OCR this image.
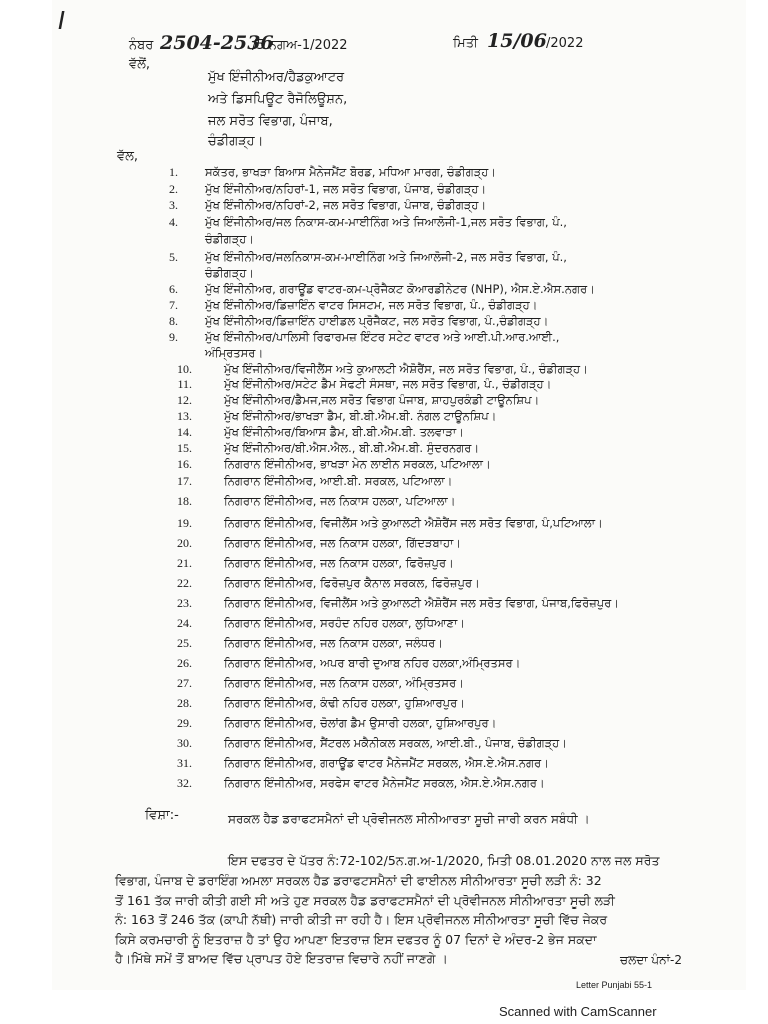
ǀ
ਨੰਬਰ 2504-2536
/5 ਨਗਅ-1/2022	ਮਿਤੀ 15/06 /2022
ਵੱਲੋਂ,
ਮੁੱਖ ਇੰਜੀਨੀਅਰ/ਹੈਡਕੁਆਟਰ
ਅਤੇ ਡਿਸਪਿਊਟ ਰੈਜੋਲਿਊਸ਼ਨ,
ਜਲ ਸਰੋਤ ਵਿਭਾਗ, ਪੰਜਾਬ,
ਚੰਡੀਗੜ੍ਹ।
ਵੱਲ,
1. ਸਕੱਤਰ, ਭਾਖੜਾ ਬਿਆਸ ਮੈਨੇਜਮੈਂਟ ਬੋਰਡ, ਮਧਿਆ ਮਾਰਗ, ਚੰਡੀਗੜ੍ਹ।
2. ਮੁੱਖ ਇੰਜੀਨੀਅਰ/ਨਹਿਰਾਂ-1, ਜਲ ਸਰੋਤ ਵਿਭਾਗ, ਪੰਜਾਬ, ਚੰਡੀਗੜ੍ਹ।
3. ਮੁੱਖ ਇੰਜੀਨੀਅਰ/ਨਹਿਰਾਂ-2, ਜਲ ਸਰੋਤ ਵਿਭਾਗ, ਪੰਜਾਬ, ਚੰਡੀਗੜ੍ਹ।
4. ਮੁੱਖ ਇੰਜੀਨੀਅਰ/ਜਲ ਨਿਕਾਸ-ਕਮ-ਮਾਈਨਿੰਗ ਅਤੇ ਜਿਆਲੋਜੀ-1,ਜਲ ਸਰੋਤ ਵਿਭਾਗ, ਪੰ.,
ਚੰਡੀਗੜ੍ਹ।
5. ਮੁੱਖ ਇੰਜੀਨੀਅਰ/ਜਲਨਿਕਾਸ-ਕਮ-ਮਾਈਨਿੰਗ ਅਤੇ ਜਿਆਲੋਜੀ-2, ਜਲ ਸਰੋਤ ਵਿਭਾਗ, ਪੰ.,
ਚੰਡੀਗੜ੍ਹ।
6. ਮੁੱਖ ਇੰਜੀਨੀਅਰ, ਗਰਾਊਂਡ ਵਾਟਰ-ਕਮ-ਪ੍ਰੋਜੈਕਟ ਕੋਆਰਡੀਨੇਟਰ (NHP), ਐਸ.ਏ.ਐਸ.ਨਗਰ।
7. ਮੁੱਖ ਇੰਜੀਨੀਅਰ/ਡਿਜ਼ਾਇੰਨ ਵਾਟਰ ਸਿਸਟਮ, ਜਲ ਸਰੋਤ ਵਿਭਾਗ, ਪੰ., ਚੰਡੀਗੜ੍ਹ।
8. ਮੁੱਖ ਇੰਜੀਨੀਅਰ/ਡਿਜ਼ਾਇੰਨ ਹਾਈਡਲ ਪ੍ਰੋਜੈਕਟ, ਜਲ ਸਰੋਤ ਵਿਭਾਗ, ਪੰ.,ਚੰਡੀਗੜ੍ਹ।
9. ਮੁੱਖ ਇੰਜੀਨੀਅਰ/ਪਾਲਿਸੀ ਰਿਫਾਰਮਜ਼ ਇੰਟਰ ਸਟੇਟ ਵਾਟਰ ਅਤੇ ਆਈ.ਪੀ.ਆਰ.ਆਈ.,
ਅੰਮ੍ਰਿਤਸਰ।
10.	ਮੁੱਖ ਇੰਜੀਨੀਅਰ/ਵਿਜੀਲੈਂਸ ਅਤੇ ਕੁਆਲਟੀ ਐਸ਼ੋਰੈਂਸ, ਜਲ ਸਰੋਤ ਵਿਭਾਗ, ਪੰ., ਚੰਡੀਗੜ੍ਹ।
11.	ਮੁੱਖ ਇੰਜੀਨੀਅਰ/ਸਟੇਟ ਡੈਮ ਸੇਫਟੀ ਸੰਸਥਾ, ਜਲ ਸਰੋਤ ਵਿਭਾਗ, ਪੰ., ਚੰਡੀਗੜ੍ਹ।
12.	ਮੁੱਖ ਇੰਜੀਨੀਅਰ/ਡੈਮਜ,ਜਲ ਸਰੋਤ ਵਿਭਾਗ ਪੰਜਾਬ, ਸ਼ਾਹਪੁਰਕੰਡੀ ਟਾਊਨਸ਼ਿਪ।
13.	ਮੁੱਖ ਇੰਜੀਨੀਅਰ/ਭਾਖੜਾ ਡੈਮ, ਬੀ.ਬੀ.ਐਮ.ਬੀ. ਨੰਗਲ ਟਾਊਨਸ਼ਿਪ।
14.	ਮੁੱਖ ਇੰਜੀਨੀਅਰ/ਬਿਆਸ ਡੈਮ, ਬੀ.ਬੀ.ਐਮ.ਬੀ. ਤਲਵਾੜਾ।
15.	ਮੁੱਖ ਇੰਜੀਨੀਅਰ/ਬੀ.ਐਸ.ਐਲ., ਬੀ.ਬੀ.ਐਮ.ਬੀ. ਸੁੰਦਰਨਗਰ।
16.	ਨਿਗਰਾਨ ਇੰਜੀਨੀਅਰ, ਭਾਖੜਾ ਮੇਨ ਲਾਈਨ ਸਰਕਲ, ਪਟਿਆਲਾ।
17.	ਨਿਗਰਾਨ ਇੰਜੀਨੀਅਰ, ਆਈ.ਬੀ. ਸਰਕਲ, ਪਟਿਆਲਾ।
18.	ਨਿਗਰਾਨ ਇੰਜੀਨੀਅਰ, ਜਲ ਨਿਕਾਸ ਹਲਕਾ, ਪਟਿਆਲਾ।
19.	ਨਿਗਰਾਨ ਇੰਜੀਨੀਅਰ, ਵਿਜੀਲੈਂਸ ਅਤੇ ਕੁਆਲਟੀ ਐਸ਼ੋਰੈਂਸ ਜਲ ਸਰੋਤ ਵਿਭਾਗ, ਪੰ,ਪਟਿਆਲਾ।
20.	ਨਿਗਰਾਨ ਇੰਜੀਨੀਅਰ, ਜਲ ਨਿਕਾਸ ਹਲਕਾ, ਗਿੱਦੜਬਾਹਾ।
21.	ਨਿਗਰਾਨ ਇੰਜੀਨੀਅਰ, ਜਲ ਨਿਕਾਸ ਹਲਕਾ, ਫਿਰੋਜ਼ਪੁਰ।
22.	ਨਿਗਰਾਨ ਇੰਜੀਨੀਅਰ, ਫਿਰੋਜ਼ਪੁਰ ਕੈਨਾਲ ਸਰਕਲ, ਫਿਰੋਜ਼ਪੁਰ।
23.	ਨਿਗਰਾਨ ਇੰਜੀਨੀਅਰ, ਵਿਜੀਲੈਂਸ ਅਤੇ ਕੁਆਲਟੀ ਐਸ਼ੋਰੈਂਸ ਜਲ ਸਰੋਤ ਵਿਭਾਗ, ਪੰਜਾਬ,ਫਿਰੋਜ਼ਪੁਰ।
24.	ਨਿਗਰਾਨ ਇੰਜੀਨੀਅਰ, ਸਰਹੰਦ ਨਹਿਰ ਹਲਕਾ, ਲੁਧਿਆਣਾ।
25.	ਨਿਗਰਾਨ ਇੰਜੀਨੀਅਰ, ਜਲ ਨਿਕਾਸ ਹਲਕਾ, ਜਲੰਧਰ।
26.	ਨਿਗਰਾਨ ਇੰਜੀਨੀਅਰ, ਅਪਰ ਬਾਰੀ ਦੁਆਬ ਨਹਿਰ ਹਲਕਾ,ਅੰਮ੍ਰਿਤਸਰ।
27.	ਨਿਗਰਾਨ ਇੰਜੀਨੀਅਰ, ਜਲ ਨਿਕਾਸ ਹਲਕਾ, ਅੰਮ੍ਰਿਤਸਰ।
28.	ਨਿਗਰਾਨ ਇੰਜੀਨੀਅਰ, ਕੰਢੀ ਨਹਿਰ ਹਲਕਾ, ਹੁਸ਼ਿਆਰਪੁਰ।
29.	ਨਿਗਰਾਨ ਇੰਜੀਨੀਅਰ, ਚੋਲਾਂਗ ਡੈਮ ਉਸਾਰੀ ਹਲਕਾ, ਹੁਸ਼ਿਆਰਪੁਰ।
30.	ਨਿਗਰਾਨ ਇੰਜੀਨੀਅਰ, ਸੈਂਟਰਲ ਮਕੈਨੀਕਲ ਸਰਕਲ, ਆਈ.ਬੀ., ਪੰਜਾਬ, ਚੰਡੀਗੜ੍ਹ।
31.	ਨਿਗਰਾਨ ਇੰਜੀਨੀਅਰ, ਗਰਾਊਂਡ ਵਾਟਰ ਮੈਨੇਜਮੈਂਟ ਸਰਕਲ, ਐਸ.ਏ.ਐਸ.ਨਗਰ।
32.	ਨਿਗਰਾਨ ਇੰਜੀਨੀਅਰ, ਸਰਫੇਸ ਵਾਟਰ ਮੈਨੇਜਮੈਂਟ ਸਰਕਲ, ਐਸ.ਏ.ਐਸ.ਨਗਰ।
ਵਿਸ਼ਾ:-	ਸਰਕਲ ਹੈਡ ਡਰਾਫਟਸਮੈਨਾਂ ਦੀ ਪ੍ਰੋਵੀਜਨਲ ਸੀਨੀਆਰਤਾ ਸੂਚੀ ਜਾਰੀ ਕਰਨ ਸਬੰਧੀ ।
ਇਸ ਦਫਤਰ ਦੇ ਪੱਤਰ ਨੰ:72-102/5ਨ.ਗ.ਅ-1/2020, ਮਿਤੀ 08.01.2020 ਨਾਲ ਜਲ ਸਰੋਤ
ਵਿਭਾਗ, ਪੰਜਾਬ ਦੇ ਡਰਾਇੰਗ ਅਮਲਾ ਸਰਕਲ ਹੈਡ ਡਰਾਫਟਸਮੈਨਾਂ ਦੀ ਫਾਈਨਲ ਸੀਨੀਆਰਤਾ ਸੂਚੀ ਲੜੀ ਨੰ: 32
ਤੋਂ 161 ਤੱਕ ਜਾਰੀ ਕੀਤੀ ਗਈ ਸੀ ਅਤੇ ਹੁਣ ਸਰਕਲ ਹੈਡ ਡਰਾਫਟਸਮੈਨਾਂ ਦੀ ਪ੍ਰੋਵੀਜਨਲ ਸੀਨੀਆਰਤਾ ਸੂਚੀ ਲੜੀ
ਨੰ: 163 ਤੋਂ 246 ਤੱਕ (ਕਾਪੀ ਨੱਥੀ) ਜਾਰੀ ਕੀਤੀ ਜਾ ਰਹੀ ਹੈ। ਇਸ ਪ੍ਰੋਵੀਜਨਲ ਸੀਨੀਆਰਤਾ ਸੂਚੀ ਵਿੱਚ ਜੇਕਰ
ਕਿਸੇ ਕਰਮਚਾਰੀ ਨੂੰ ਇਤਰਾਜ਼ ਹੈ ਤਾਂ ਉਹ ਆਪਣਾ ਇਤਰਾਜ਼ ਇਸ ਦਫਤਰ ਨੂੰ 07 ਦਿਨਾਂ ਦੇ ਅੰਦਰ-2 ਭੇਜ ਸਕਦਾ
ਹੈ।ਮਿੱਥੇ ਸਮੇਂ ਤੋਂ ਬਾਅਦ ਵਿੱਚ ਪ੍ਰਾਪਤ ਹੋਏ ਇਤਰਾਜ਼ ਵਿਚਾਰੇ ਨਹੀਂ ਜਾਣਗੇ ।	ਚਲਦਾ ਪੰਨਾਂ-2
Letter Punjabi 55-1
Scanned with CamScanner
